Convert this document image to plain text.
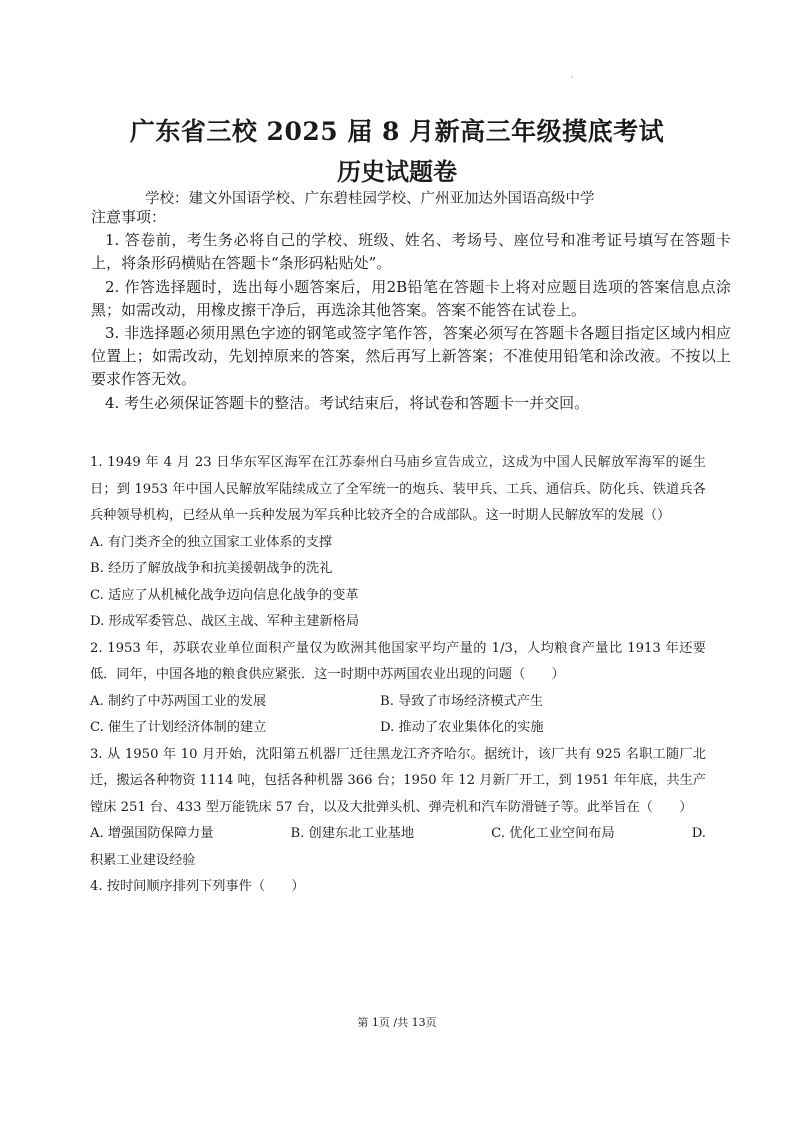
·
广东省三校 2025 届 8 月新高三年级摸底考试
历史试题卷
学校：建文外国语学校、广东碧桂园学校、广州亚加达外国语高级中学
注意事项：

1. 答卷前，考生务必将自己的学校、班级、姓名、考场号、座位号和准考证号填写在答题卡上，将条形码横贴在答题卡“条形码粘贴处”。

2. 作答选择题时，选出每小题答案后，用2B铅笔在答题卡上将对应题目选项的答案信息点涂黑；如需改动，用橡皮擦干净后，再选涂其他答案。答案不能答在试卷上。

3. 非选择题必须用黑色字迹的钢笔或签字笔作答，答案必须写在答题卡各题目指定区域内相应位置上；如需改动，先划掉原来的答案，然后再写上新答案；不准使用铅笔和涂改液。不按以上要求作答无效。

4. 考生必须保证答题卡的整洁。考试结束后，将试卷和答题卡一并交回。

1. 1949 年 4 月 23 日华东军区海军在江苏泰州白马庙乡宣告成立，这成为中国人民解放军海军的诞生日；到 1953 年中国人民解放军陆续成立了全军统一的炮兵、装甲兵、工兵、通信兵、防化兵、铁道兵各兵种领导机构，已经从单一兵种发展为军兵种比较齐全的合成部队。这一时期人民解放军的发展（）

A. 有门类齐全的独立国家工业体系的支撑
B. 经历了解放战争和抗美援朝战争的洗礼
C. 适应了从机械化战争迈向信息化战争的变革
D. 形成军委管总、战区主战、军种主建新格局

2. 1953 年，苏联农业单位面积产量仅为欧洲其他国家平均产量的 1/3，人均粮食产量比 1913 年还要低．同年，中国各地的粮食供应紧张．这一时期中苏两国农业出现的问题（　　）

A. 制约了中苏两国工业的发展	B. 导致了市场经济模式产生
C. 催生了计划经济体制的建立	D. 推动了农业集体化的实施

3. 从 1950 年 10 月开始，沈阳第五机器厂迁往黑龙江齐齐哈尔。据统计，该厂共有 925 名职工随厂北迁，搬运各种物资 1114 吨，包括各种机器 366 台；1950 年 12 月新厂开工，到 1951 年年底，共生产镗床 251 台、433 型万能铣床 57 台，以及大批弹头机、弹壳机和汽车防滑链子等。此举旨在（　　）

A. 增强国防保障力量	B. 创建东北工业基地	C. 优化工业空间布局	D.
积累工业建设经验

4. 按时间顺序排列下列事件（　　）

第 1页 /共 13页
